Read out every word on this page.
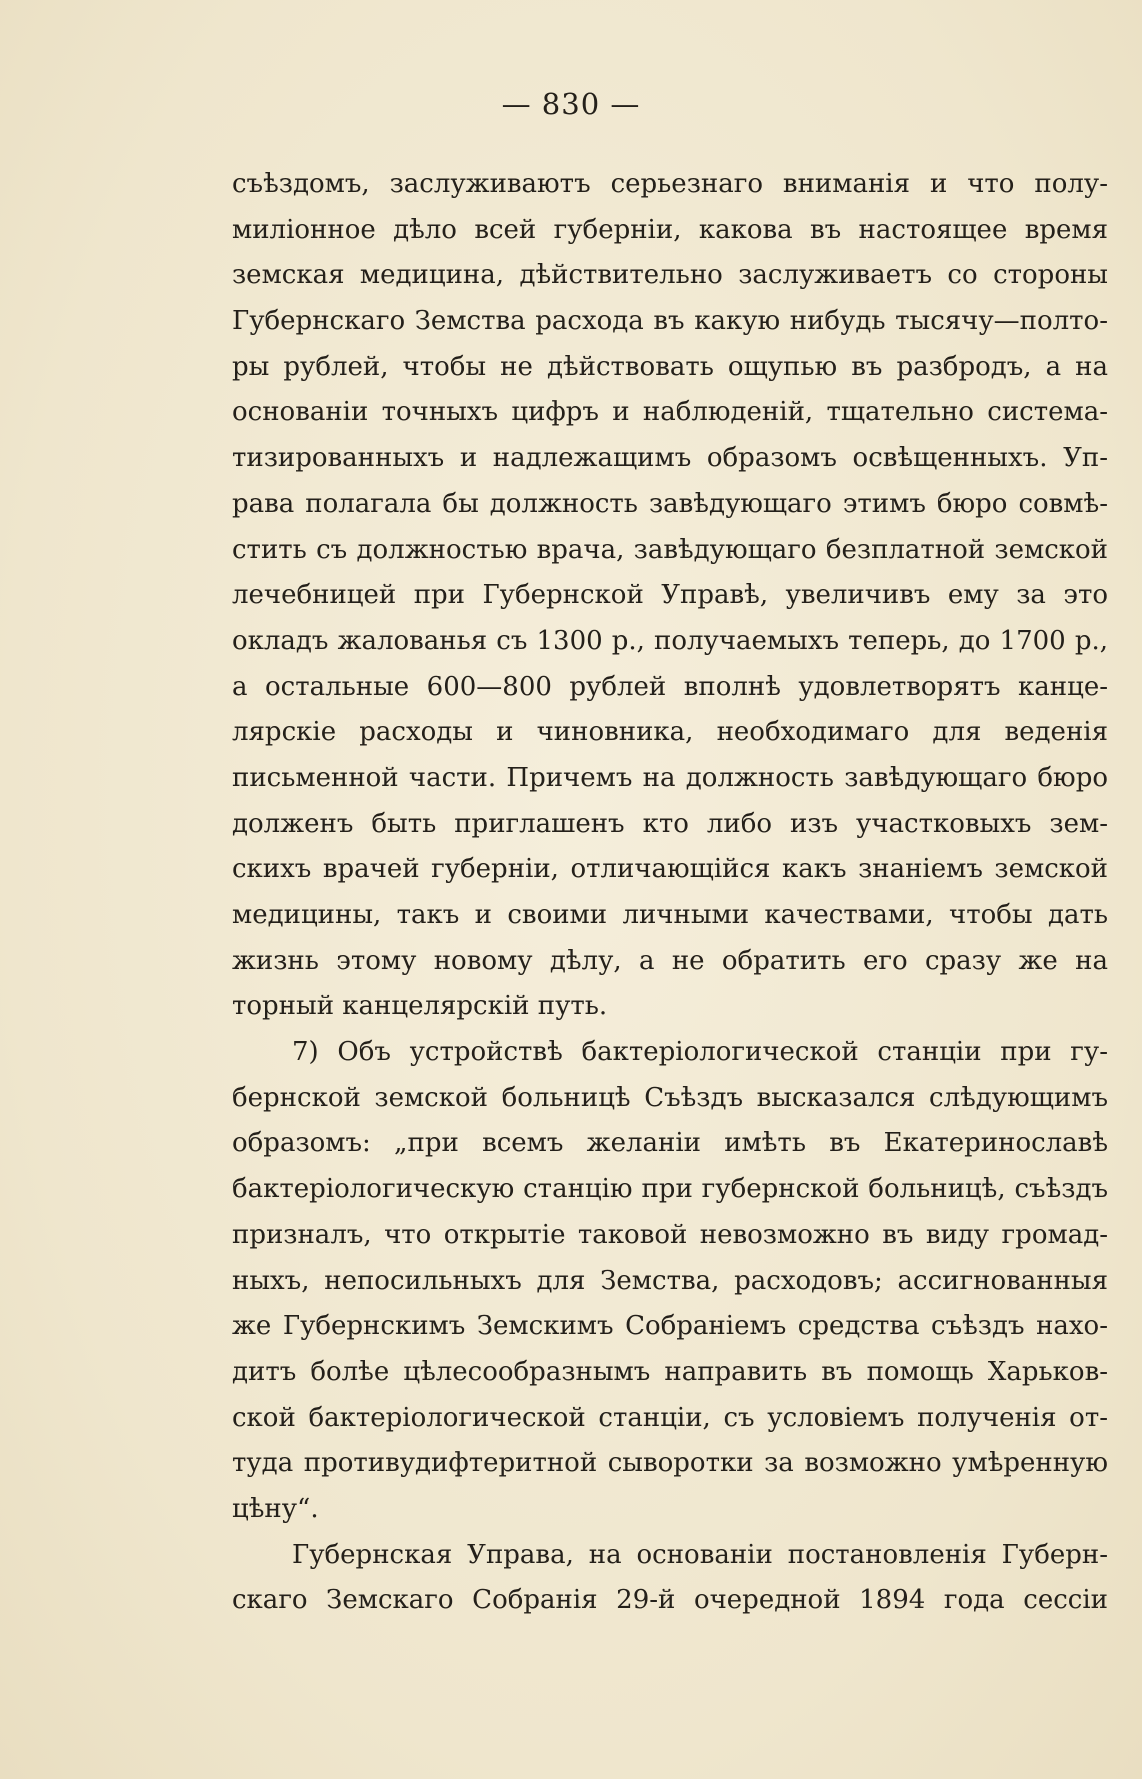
— 830 —
съѣздомъ, заслуживаютъ серьезнаго вниманія и что полу-
миліонное дѣло всей губерніи, какова въ настоящее время
земская медицина, дѣйствительно заслуживаетъ со стороны
Губернскаго Земства расхода въ какую нибудь тысячу—полто-
ры рублей, чтобы не дѣйствовать ощупью въ разбродъ, а на
основаніи точныхъ цифръ и наблюденій, тщательно система-
тизированныхъ и надлежащимъ образомъ освѣщенныхъ. Уп-
рава полагала бы должность завѣдующаго этимъ бюро совмѣ-
стить съ должностью врача, завѣдующаго безплатной земской
лечебницей при Губернской Управѣ, увеличивъ ему за это
окладъ жалованья съ 1300 р., получаемыхъ теперь, до 1700 р.,
а остальные 600—800 рублей вполнѣ удовлетворятъ канце-
лярскіе расходы и чиновника, необходимаго для веденія
письменной части. Причемъ на должность завѣдующаго бюро
долженъ быть приглашенъ кто либо изъ участковыхъ зем-
скихъ врачей губерніи, отличающійся какъ знаніемъ земской
медицины, такъ и своими личными качествами, чтобы дать
жизнь этому новому дѣлу, а не обратить его сразу же на
торный канцелярскій путь.
7) Объ устройствѣ бактеріологической станціи при гу-
бернской земской больницѣ Съѣздъ высказался слѣдующимъ
образомъ: „при всемъ желаніи имѣть въ Екатеринославѣ
бактеріологическую станцію при губернской больницѣ, съѣздъ
призналъ, что открытіе таковой невозможно въ виду громад-
ныхъ, непосильныхъ для Земства, расходовъ; ассигнованныя
же Губернскимъ Земскимъ Собраніемъ средства съѣздъ нахо-
дитъ болѣе цѣлесообразнымъ направить въ помощь Харьков-
ской бактеріологической станціи, съ условіемъ полученія от-
туда противудифтеритной сыворотки за возможно умѣренную
цѣну“.
Губернская Управа, на основаніи постановленія Губерн-
скаго Земскаго Собранія 29-й очередной 1894 года сессіи
